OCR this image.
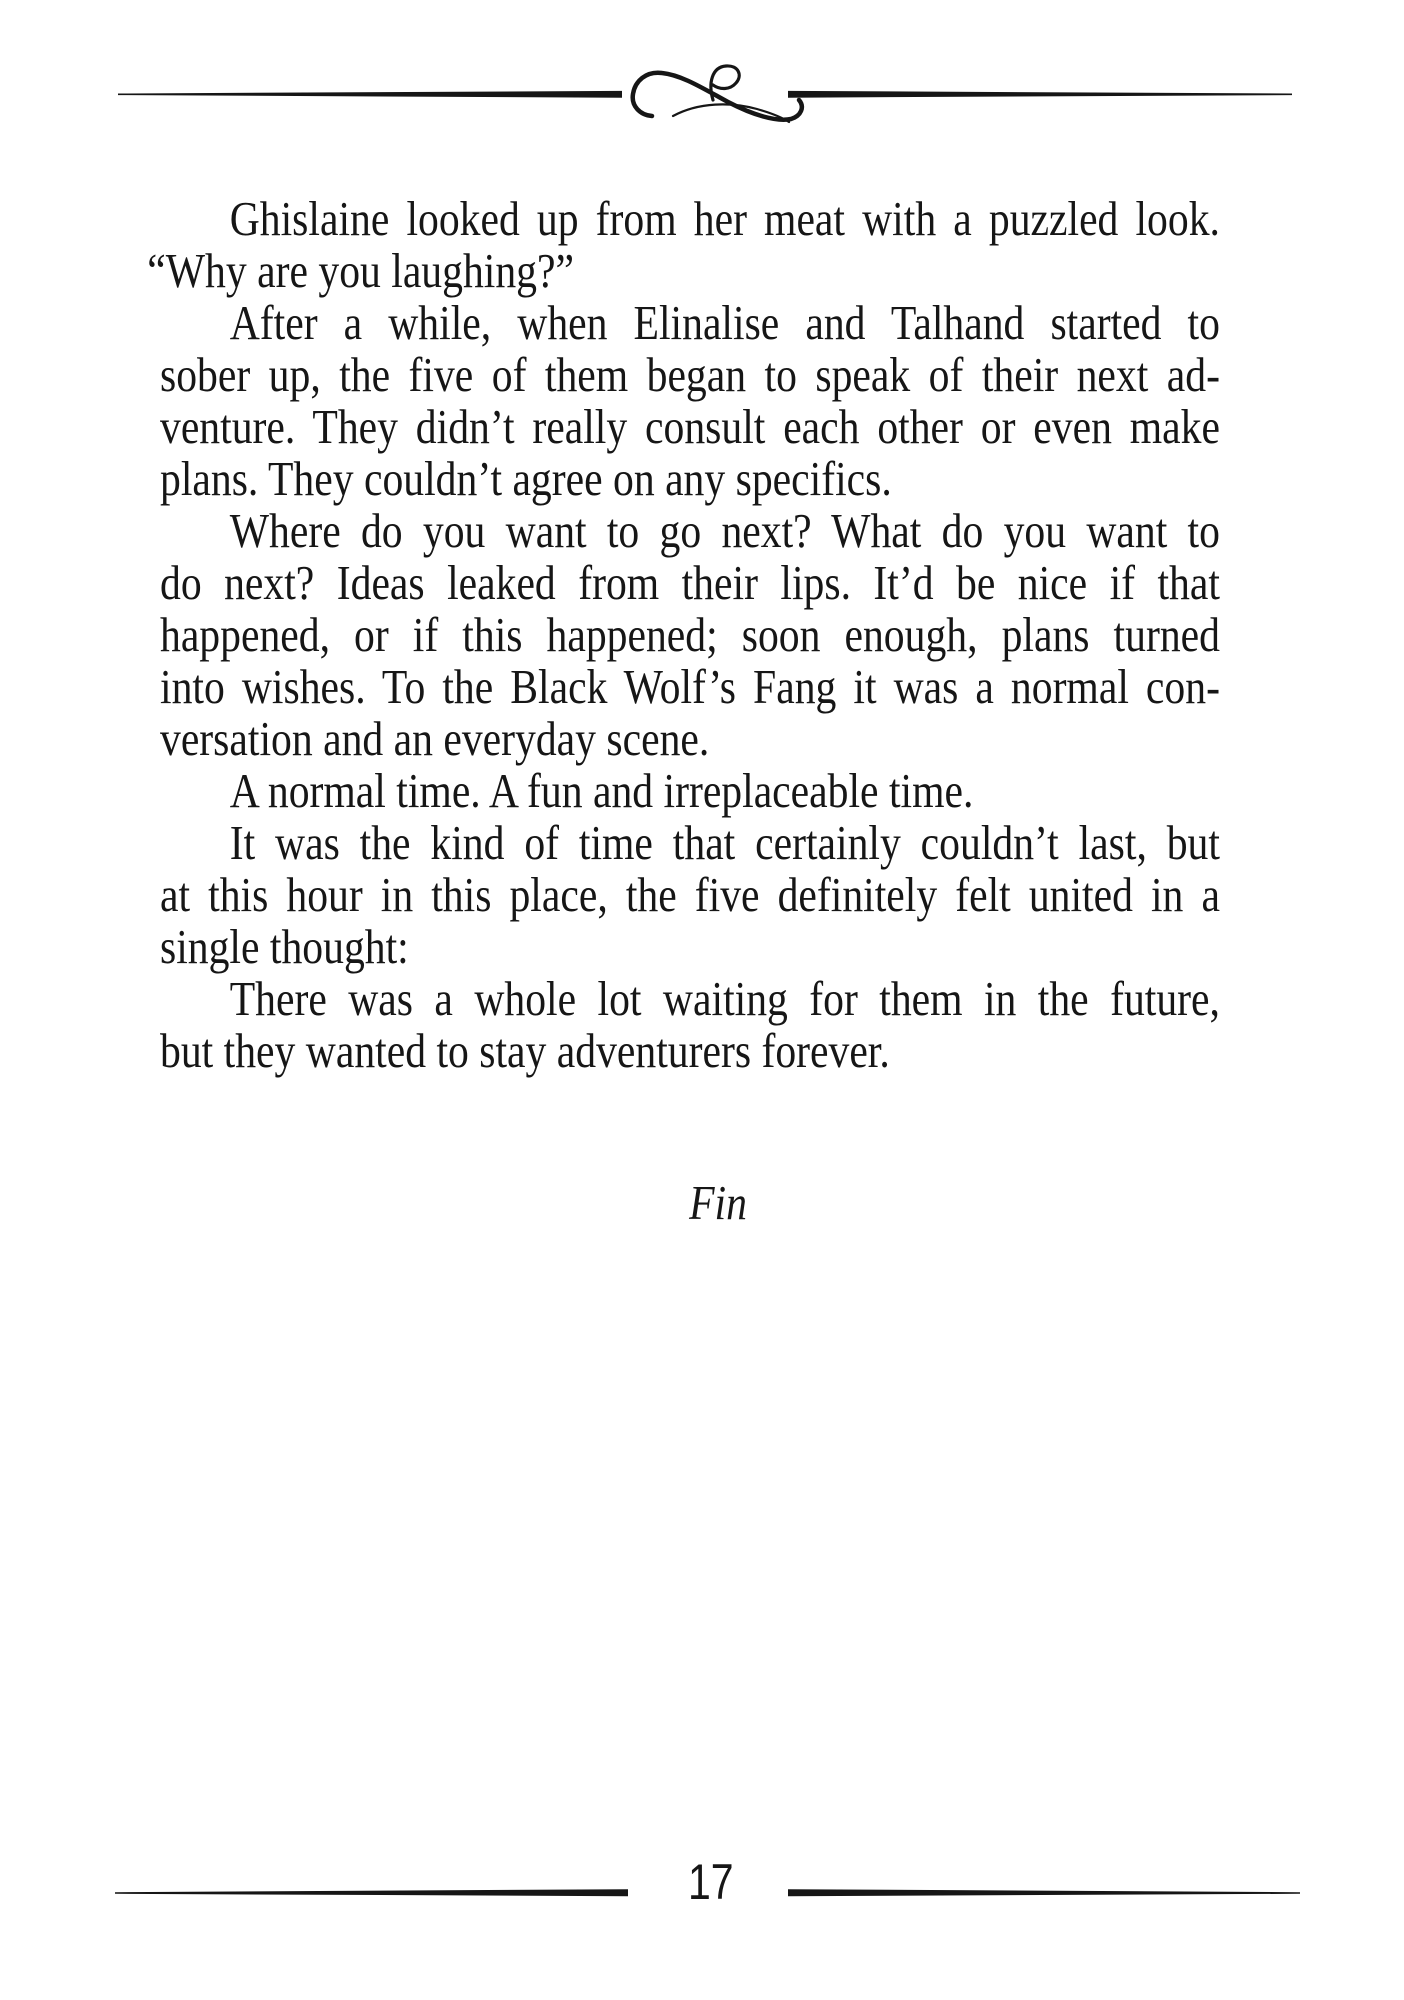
Ghislaine looked up from her meat with a puzzled look.
“Why are you laughing?”
After a while, when Elinalise and Talhand started to
sober up, the five of them began to speak of their next ad-
venture. They didn’t really consult each other or even make
plans. They couldn’t agree on any specifics.
Where do you want to go next? What do you want to
do next? Ideas leaked from their lips. It’d be nice if that
happened, or if this happened; soon enough, plans turned
into wishes. To the Black Wolf’s Fang it was a normal con-
versation and an everyday scene.
A normal time. A fun and irreplaceable time.
It was the kind of time that certainly couldn’t last, but
at this hour in this place, the five definitely felt united in a
single thought:
There was a whole lot waiting for them in the future,
but they wanted to stay adventurers forever.
Fin
17
